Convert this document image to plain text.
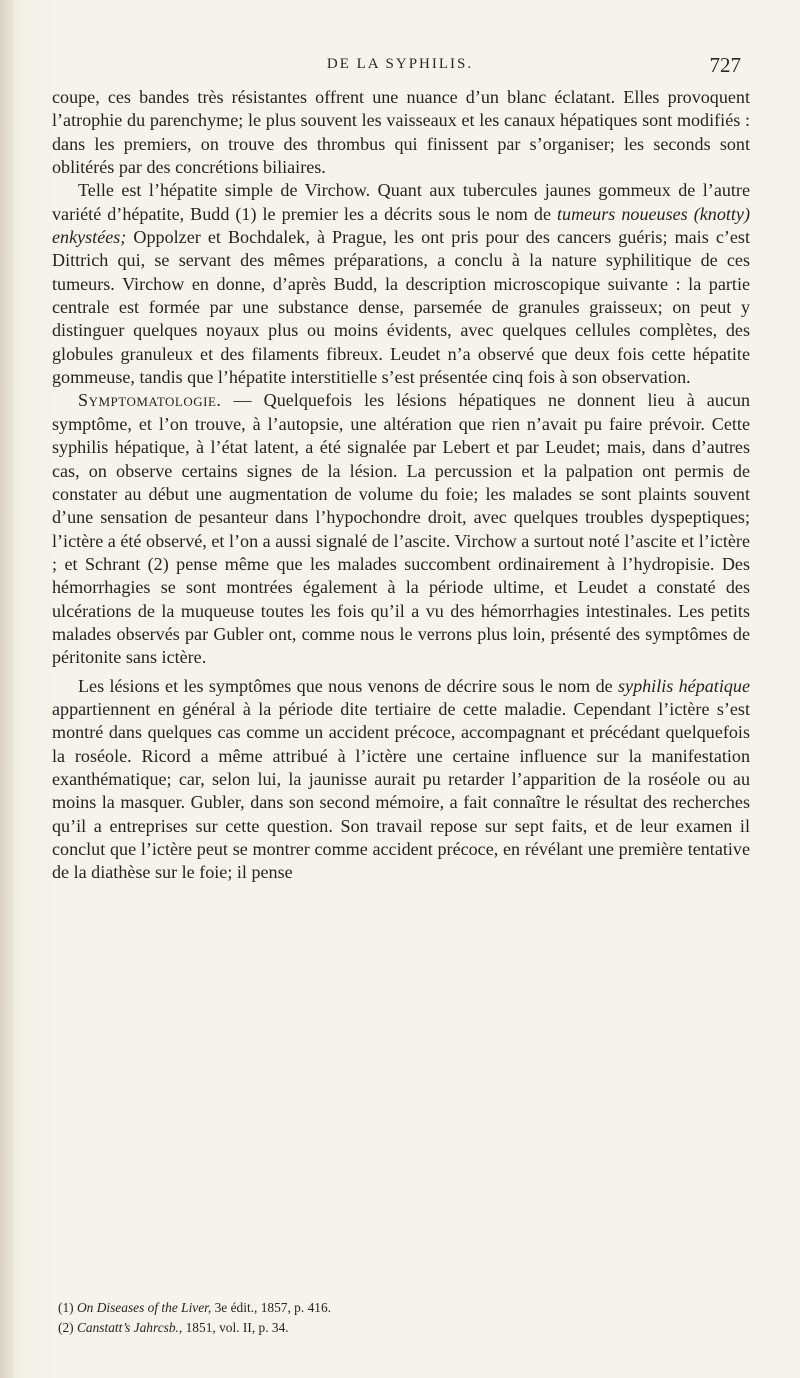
DE LA SYPHILIS.	727

coupe, ces bandes très résistantes offrent une nuance d’un blanc éclatant. Elles provoquent l’atrophie du parenchyme; le plus souvent les vaisseaux et les canaux hépatiques sont modifiés : dans les premiers, on trouve des thrombus qui finissent par s’organiser; les seconds sont oblitérés par des concrétions biliaires.

Telle est l’hépatite simple de Virchow. Quant aux tubercules jaunes gommeux de l’autre variété d’hépatite, Budd (1) le premier les a décrits sous le nom de tumeurs noueuses (knotty) enkystées; Oppolzer et Bochdalek, à Prague, les ont pris pour des cancers guéris; mais c’est Dittrich qui, se servant des mêmes préparations, a conclu à la nature syphilitique de ces tumeurs. Virchow en donne, d’après Budd, la description microscopique suivante : la partie centrale est formée par une substance dense, parsemée de granules graisseux; on peut y distinguer quelques noyaux plus ou moins évidents, avec quelques cellules complètes, des globules granuleux et des filaments fibreux. Leudet n’a observé que deux fois cette hépatite gommeuse, tandis que l’hépatite interstitielle s’est présentée cinq fois à son observation.

Symptomatologie. — Quelquefois les lésions hépatiques ne donnent lieu à aucun symptôme, et l’on trouve, à l’autopsie, une altération que rien n’avait pu faire prévoir. Cette syphilis hépatique, à l’état latent, a été signalée par Lebert et par Leudet; mais, dans d’autres cas, on observe certains signes de la lésion. La percussion et la palpation ont permis de constater au début une augmentation de volume du foie; les malades se sont plaints souvent d’une sensation de pesanteur dans l’hypochondre droit, avec quelques troubles dyspeptiques; l’ictère a été observé, et l’on a aussi signalé de l’ascite. Virchow a surtout noté l’ascite et l’ictère ; et Schrant (2) pense même que les malades succombent ordinairement à l’hydropisie. Des hémorrhagies se sont montrées également à la période ultime, et Leudet a constaté des ulcérations de la muqueuse toutes les fois qu’il a vu des hémorrhagies intestinales. Les petits malades observés par Gubler ont, comme nous le verrons plus loin, présenté des symptômes de péritonite sans ictère.

Les lésions et les symptômes que nous venons de décrire sous le nom de syphilis hépatique appartiennent en général à la période dite tertiaire de cette maladie. Cependant l’ictère s’est montré dans quelques cas comme un accident précoce, accompagnant et précédant quelquefois la roséole. Ricord a même attribué à l’ictère une certaine influence sur la manifestation exanthématique; car, selon lui, la jaunisse aurait pu retarder l’apparition de la roséole ou au moins la masquer. Gubler, dans son second mémoire, a fait connaître le résultat des recherches qu’il a entreprises sur cette question. Son travail repose sur sept faits, et de leur examen il conclut que l’ictère peut se montrer comme accident précoce, en révélant une première tentative de la diathèse sur le foie; il pense

(1) On Diseases of the Liver, 3e édit., 1857, p. 416.
(2) Canstatt’s Jahrcsb., 1851, vol. II, p. 34.
